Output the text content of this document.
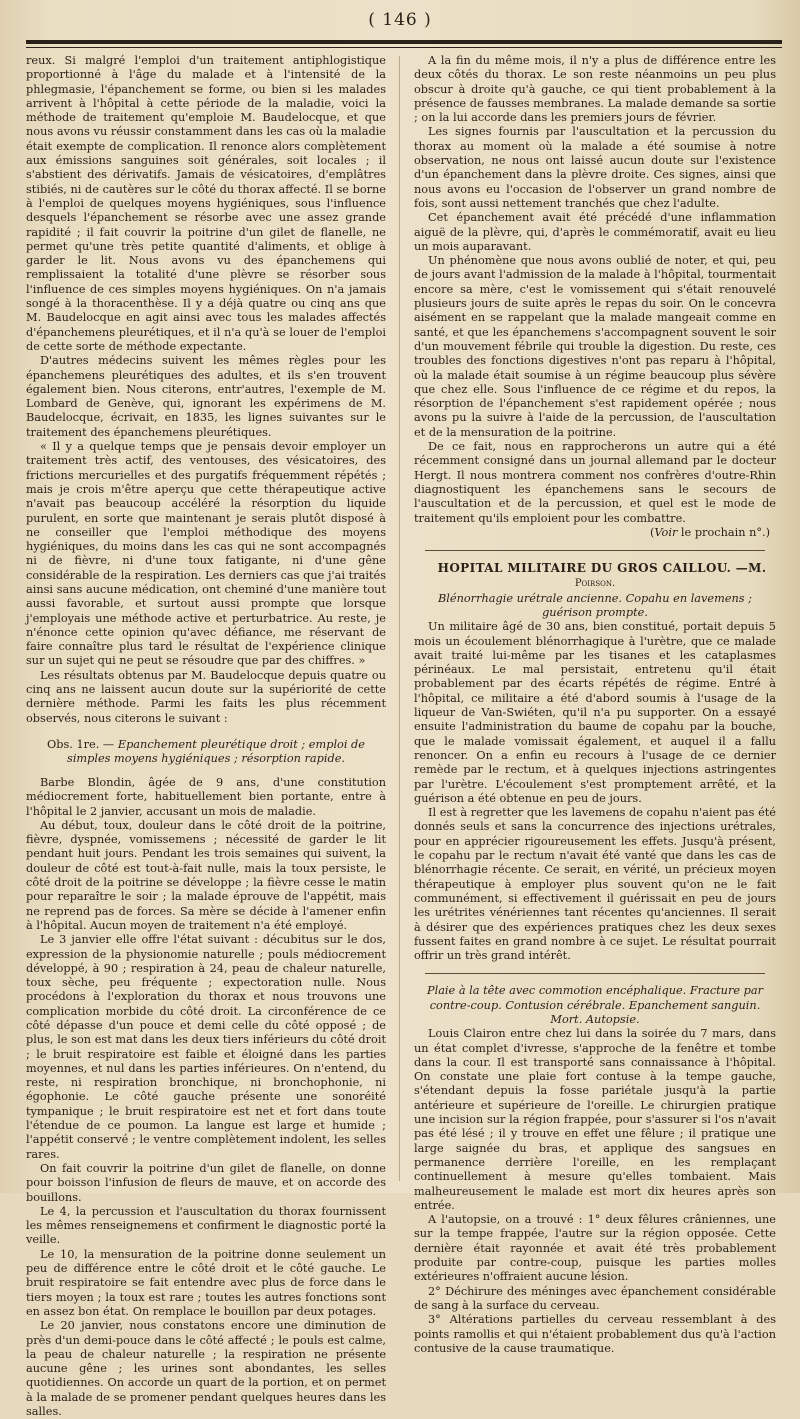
( 146 )

reux. Si malgré l'emploi d'un traitement antiphlogistique proportionné à l'âge du malade et à l'intensité de la phlegmasie, l'épanchement se forme, ou bien si les malades arrivent à l'hôpital à cette période de la maladie, voici la méthode de traitement qu'emploie M. Baudelocque, et que nous avons vu réussir constamment dans les cas où la maladie était exempte de complication. Il renonce alors complètement aux émissions sanguines soit générales, soit locales ; il s'abstient des dérivatifs. Jamais de vésicatoires, d'emplâtres stibiés, ni de cautères sur le côté du thorax affecté. Il se borne à l'emploi de quelques moyens hygiéniques, sous l'influence desquels l'épanchement se résorbe avec une assez grande rapidité ; il fait couvrir la poitrine d'un gilet de flanelle, ne permet qu'une très petite quantité d'aliments, et oblige à garder le lit. Nous avons vu des épanchemens qui remplissaient la totalité d'une plèvre se résorber sous l'influence de ces simples moyens hygiéniques. On n'a jamais songé à la thoracenthèse. Il y a déjà quatre ou cinq ans que M. Baudelocque en agit ainsi avec tous les malades affectés d'épanchemens pleurétiques, et il n'a qu'à se louer de l'emploi de cette sorte de méthode expectante.

D'autres médecins suivent les mêmes règles pour les épanchemens pleurétiques des adultes, et ils s'en trouvent également bien. Nous citerons, entr'autres, l'exemple de M. Lombard de Genève, qui, ignorant les expérimens de M. Baudelocque, écrivait, en 1835, les lignes suivantes sur le traitement des épanchemens pleurétiques.

« Il y a quelque temps que je pensais devoir employer un traitement très actif, des ventouses, des vésicatoires, des frictions mercurielles et des purgatifs fréquemment répétés ; mais je crois m'être aperçu que cette thérapeutique active n'avait pas beaucoup accéléré la résorption du liquide purulent, en sorte que maintenant je serais plutôt disposé à ne conseiller que l'emploi méthodique des moyens hygiéniques, du moins dans les cas qui ne sont accompagnés ni de fièvre, ni d'une toux fatigante, ni d'une gêne considérable de la respiration. Les derniers cas que j'ai traités ainsi sans aucune médication, ont cheminé d'une manière tout aussi favorable, et surtout aussi prompte que lorsque j'employais une méthode active et perturbatrice. Au reste, je n'énonce cette opinion qu'avec défiance, me réservant de faire connaître plus tard le résultat de l'expérience clinique sur un sujet qui ne peut se résoudre que par des chiffres. »

Les résultats obtenus par M. Baudelocque depuis quatre ou cinq ans ne laissent aucun doute sur la supériorité de cette dernière méthode. Parmi les faits les plus récemment observés, nous citerons le suivant :

Obs. 1re. — Epanchement pleurétique droit ; emploi de simples moyens hygiéniques ; résorption rapide.

Barbe Blondin, âgée de 9 ans, d'une constitution médiocrement forte, habituellement bien portante, entre à l'hôpital le 2 janvier, accusant un mois de maladie.

Au début, toux, douleur dans le côté droit de la poitrine, fièvre, dyspnée, vomissemens ; nécessité de garder le lit pendant huit jours. Pendant les trois semaines qui suivent, la douleur de côté est tout-à-fait nulle, mais la toux persiste, le côté droit de la poitrine se développe ; la fièvre cesse le matin pour reparaître le soir ; la malade éprouve de l'appétit, mais ne reprend pas de forces. Sa mère se décide à l'amener enfin à l'hôpital. Aucun moyen de traitement n'a été employé.

Le 3 janvier elle offre l'état suivant : décubitus sur le dos, expression de la physionomie naturelle ; pouls médiocrement développé, à 90 ; respiration à 24, peau de chaleur naturelle, toux sèche, peu fréquente ; expectoration nulle. Nous procédons à l'exploration du thorax et nous trouvons une complication morbide du côté droit. La circonférence de ce côté dépasse d'un pouce et demi celle du côté opposé ; de plus, le son est mat dans les deux tiers inférieurs du côté droit ; le bruit respiratoire est faible et éloigné dans les parties moyennes, et nul dans les parties inférieures. On n'entend, du reste, ni respiration bronchique, ni bronchophonie, ni égophonie. Le côté gauche présente une sonoréité tympanique ; le bruit respiratoire est net et fort dans toute l'étendue de ce poumon. La langue est large et humide ; l'appétit conservé ; le ventre complètement indolent, les selles rares.

On fait couvrir la poitrine d'un gilet de flanelle, on donne pour boisson l'infusion de fleurs de mauve, et on accorde des bouillons.

Le 4, la percussion et l'auscultation du thorax fournissent les mêmes renseignemens et confirment le diagnostic porté la veille.

Le 10, la mensuration de la poitrine donne seulement un peu de différence entre le côté droit et le côté gauche. Le bruit respiratoire se fait entendre avec plus de force dans le tiers moyen ; la toux est rare ; toutes les autres fonctions sont en assez bon état. On remplace le bouillon par deux potages.

Le 20 janvier, nous constatons encore une diminution de près d'un demi-pouce dans le côté affecté ; le pouls est calme, la peau de chaleur naturelle ; la respiration ne présente aucune gêne ; les urines sont abondantes, les selles quotidiennes. On accorde un quart de la portion, et on permet à la malade de se promener pendant quelques heures dans les salles.

A la fin du même mois, il n'y a plus de différence entre les deux côtés du thorax. Le son reste néanmoins un peu plus obscur à droite qu'à gauche, ce qui tient probablement à la présence de fausses membranes. La malade demande sa sortie ; on la lui accorde dans les premiers jours de février.

Les signes fournis par l'auscultation et la percussion du thorax au moment où la malade a été soumise à notre observation, ne nous ont laissé aucun doute sur l'existence d'un épanchement dans la plèvre droite. Ces signes, ainsi que nous avons eu l'occasion de l'observer un grand nombre de fois, sont aussi nettement tranchés que chez l'adulte.

Cet épanchement avait été précédé d'une inflammation aiguë de la plèvre, qui, d'après le commémoratif, avait eu lieu un mois auparavant.

Un phénomène que nous avons oublié de noter, et qui, peu de jours avant l'admission de la malade à l'hôpital, tourmentait encore sa mère, c'est le vomissement qui s'était renouvelé plusieurs jours de suite après le repas du soir. On le concevra aisément en se rappelant que la malade mangeait comme en santé, et que les épanchemens s'accompagnent souvent le soir d'un mouvement fébrile qui trouble la digestion. Du reste, ces troubles des fonctions digestives n'ont pas reparu à l'hôpital, où la malade était soumise à un régime beaucoup plus sévère que chez elle. Sous l'influence de ce régime et du repos, la résorption de l'épanchement s'est rapidement opérée ; nous avons pu la suivre à l'aide de la percussion, de l'auscultation et de la mensuration de la poitrine.

De ce fait, nous en rapprocherons un autre qui a été récemment consigné dans un journal allemand par le docteur Hergt. Il nous montrera comment nos confrères d'outre-Rhin diagnostiquent les épanchemens sans le secours de l'auscultation et de la percussion, et quel est le mode de traitement qu'ils emploient pour les combattre.

(Voir le prochain n°.)

HOPITAL MILITAIRE DU GROS CAILLOU. —M. Poirson.

Blénorrhagie urétrale ancienne. Copahu en lavemens ; guérison prompte.

Un militaire âgé de 30 ans, bien constitué, portait depuis 5 mois un écoulement blénorrhagique à l'urètre, que ce malade avait traité lui-même par les tisanes et les cataplasmes périnéaux. Le mal persistait, entretenu qu'il était probablement par des écarts répétés de régime. Entré à l'hôpital, ce militaire a été d'abord soumis à l'usage de la liqueur de Van-Swiéten, qu'il n'a pu supporter. On a essayé ensuite l'administration du baume de copahu par la bouche, que le malade vomissait également, et auquel il a fallu renoncer. On a enfin eu recours à l'usage de ce dernier remède par le rectum, et à quelques injections astringentes par l'urètre. L'écoulement s'est promptement arrêté, et la guérison a été obtenue en peu de jours.

Il est à regretter que les lavemens de copahu n'aient pas été donnés seuls et sans la concurrence des injections urétrales, pour en apprécier rigoureusement les effets. Jusqu'à présent, le copahu par le rectum n'avait été vanté que dans les cas de blénorrhagie récente. Ce serait, en vérité, un précieux moyen thérapeutique à employer plus souvent qu'on ne le fait communément, si effectivement il guérissait en peu de jours les urétrites vénériennes tant récentes qu'anciennes. Il serait à désirer que des expériences pratiques chez les deux sexes fussent faites en grand nombre à ce sujet. Le résultat pourrait offrir un très grand intérêt.

Plaie à la tête avec commotion encéphalique. Fracture par contre-coup. Contusion cérébrale. Epanchement sanguin. Mort. Autopsie.

Louis Clairon entre chez lui dans la soirée du 7 mars, dans un état complet d'ivresse, s'approche de la fenêtre et tombe dans la cour. Il est transporté sans connaissance à l'hôpital. On constate une plaie fort contuse à la tempe gauche, s'étendant depuis la fosse pariétale jusqu'à la partie antérieure et supérieure de l'oreille. Le chirurgien pratique une incision sur la région frappée, pour s'assurer si l'os n'avait pas été lésé ; il y trouve en effet une fêlure ; il pratique une large saignée du bras, et applique des sangsues en permanence derrière l'oreille, en les remplaçant continuellement à mesure qu'elles tombaient. Mais malheureusement le malade est mort dix heures après son entrée.

A l'autopsie, on a trouvé : 1° deux fêlures crâniennes, une sur la tempe frappée, l'autre sur la région opposée. Cette dernière était rayonnée et avait été très probablement produite par contre-coup, puisque les parties molles extérieures n'offraient aucune lésion.

2° Déchirure des méninges avec épanchement considérable de sang à la surface du cerveau.

3° Altérations partielles du cerveau ressemblant à des points ramollis et qui n'étaient probablement dus qu'à l'action contusive de la cause traumatique.
